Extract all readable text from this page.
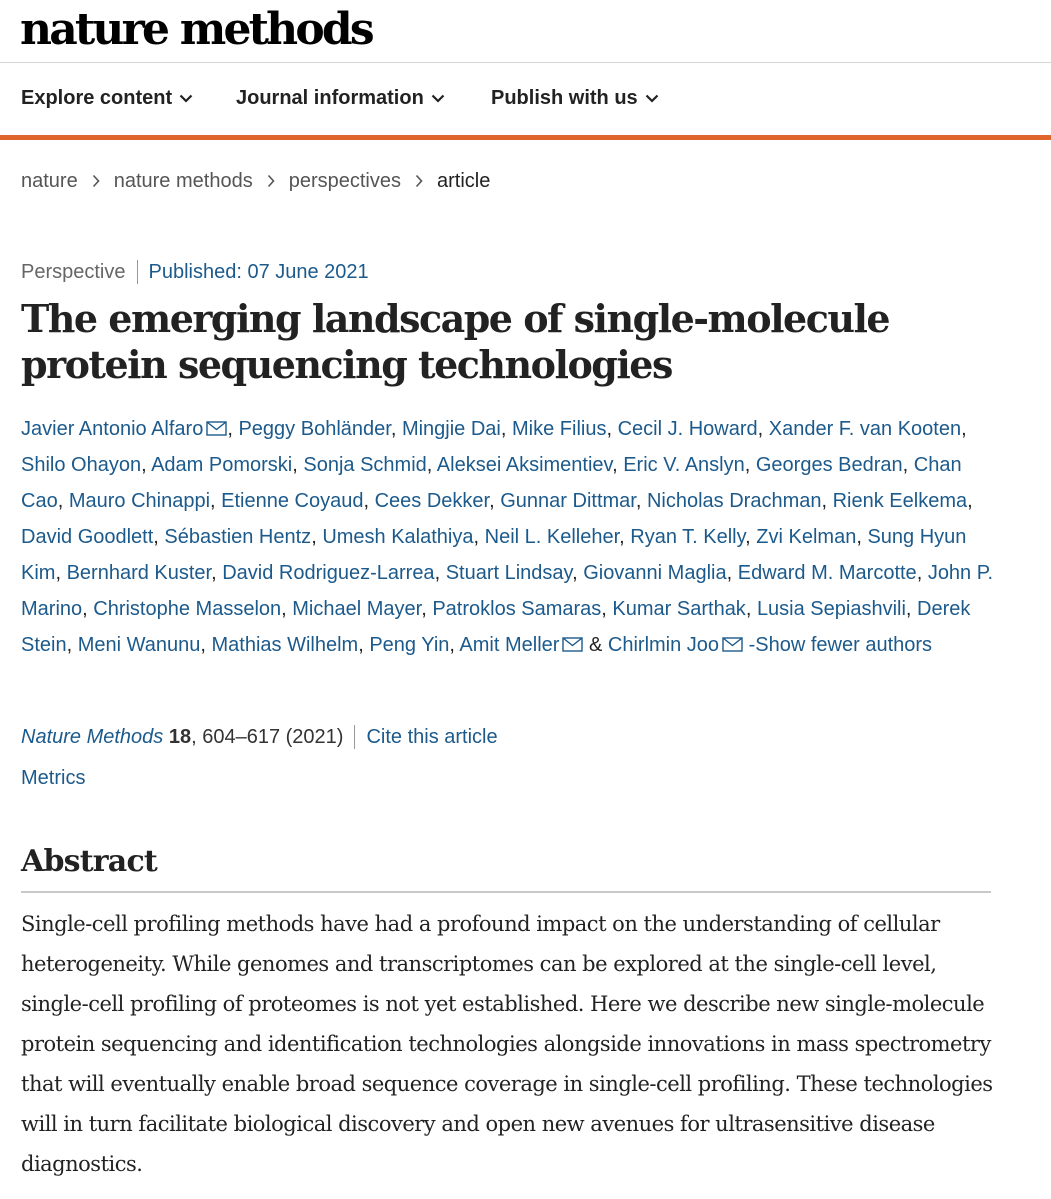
nature methods
Explore content	Journal information	Publish with us
nature nature methods perspectives article
Perspective Published: 07 June 2021
The emerging landscape of single-molecule protein sequencing technologies
Javier Antonio Alfaro , Peggy Bohländer, Mingjie Dai, Mike Filius, Cecil J. Howard, Xander F. van Kooten, Shilo Ohayon, Adam Pomorski, Sonja Schmid, Aleksei Aksimentiev, Eric V. Anslyn, Georges Bedran, Chan Cao, Mauro Chinappi, Etienne Coyaud, Cees Dekker, Gunnar Dittmar, Nicholas Drachman, Rienk Eelkema, David Goodlett, Sébastien Hentz, Umesh Kalathiya, Neil L. Kelleher, Ryan T. Kelly, Zvi Kelman, Sung Hyun Kim, Bernhard Kuster, David Rodriguez-Larrea, Stuart Lindsay, Giovanni Maglia, Edward M. Marcotte, John P. Marino, Christophe Masselon, Michael Mayer, Patroklos Samaras, Kumar Sarthak, Lusia Sepiashvili, Derek Stein, Meni Wanunu, Mathias Wilhelm, Peng Yin, Amit Meller & Chirlmin Joo -Show fewer authors
Nature Methods
18 , 604–617 (2021) Cite this article
Metrics
Abstract

Single-cell profiling methods have had a profound impact on the understanding of cellular heterogeneity. While genomes and transcriptomes can be explored at the single-cell level, single-cell profiling of proteomes is not yet established. Here we describe new single-molecule protein sequencing and identification technologies alongside innovations in mass spectrometry that will eventually enable broad sequence coverage in single-cell profiling. These technologies will in turn facilitate biological discovery and open new avenues for ultrasensitive disease diagnostics.
